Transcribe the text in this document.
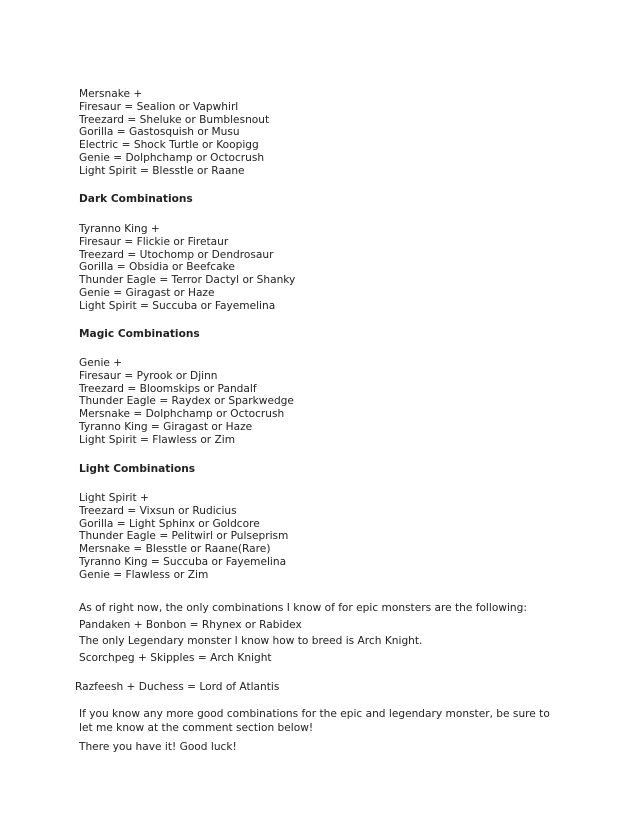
Mersnake +
Firesaur = Sealion or Vapwhirl
Treezard = Sheluke or Bumblesnout
Gorilla = Gastosquish or Musu
Electric = Shock Turtle or Koopigg
Genie = Dolphchamp or Octocrush
Light Spirit = Blesstle or Raane
Dark Combinations
Tyranno King +
Firesaur = Flickie or Firetaur
Treezard = Utochomp or Dendrosaur
Gorilla = Obsidia or Beefcake
Thunder Eagle = Terror Dactyl or Shanky
Genie = Giragast or Haze
Light Spirit = Succuba or Fayemelina
Magic Combinations
Genie +
Firesaur = Pyrook or Djinn
Treezard = Bloomskips or Pandalf
Thunder Eagle = Raydex or Sparkwedge
Mersnake = Dolphchamp or Octocrush
Tyranno King = Giragast or Haze
Light Spirit = Flawless or Zim
Light Combinations
Light Spirit +
Treezard = Vixsun or Rudicius
Gorilla = Light Sphinx or Goldcore
Thunder Eagle = Pelitwirl or Pulseprism
Mersnake = Blesstle or Raane(Rare)
Tyranno King = Succuba or Fayemelina
Genie = Flawless or Zim
As of right now, the only combinations I know of for epic monsters are the following:
Pandaken + Bonbon = Rhynex or Rabidex
The only Legendary monster I know how to breed is Arch Knight.
Scorchpeg + Skipples = Arch Knight
Razfeesh + Duchess = Lord of Atlantis
If you know any more good combinations for the epic and legendary monster, be sure to
let me know at the comment section below!
There you have it! Good luck!
